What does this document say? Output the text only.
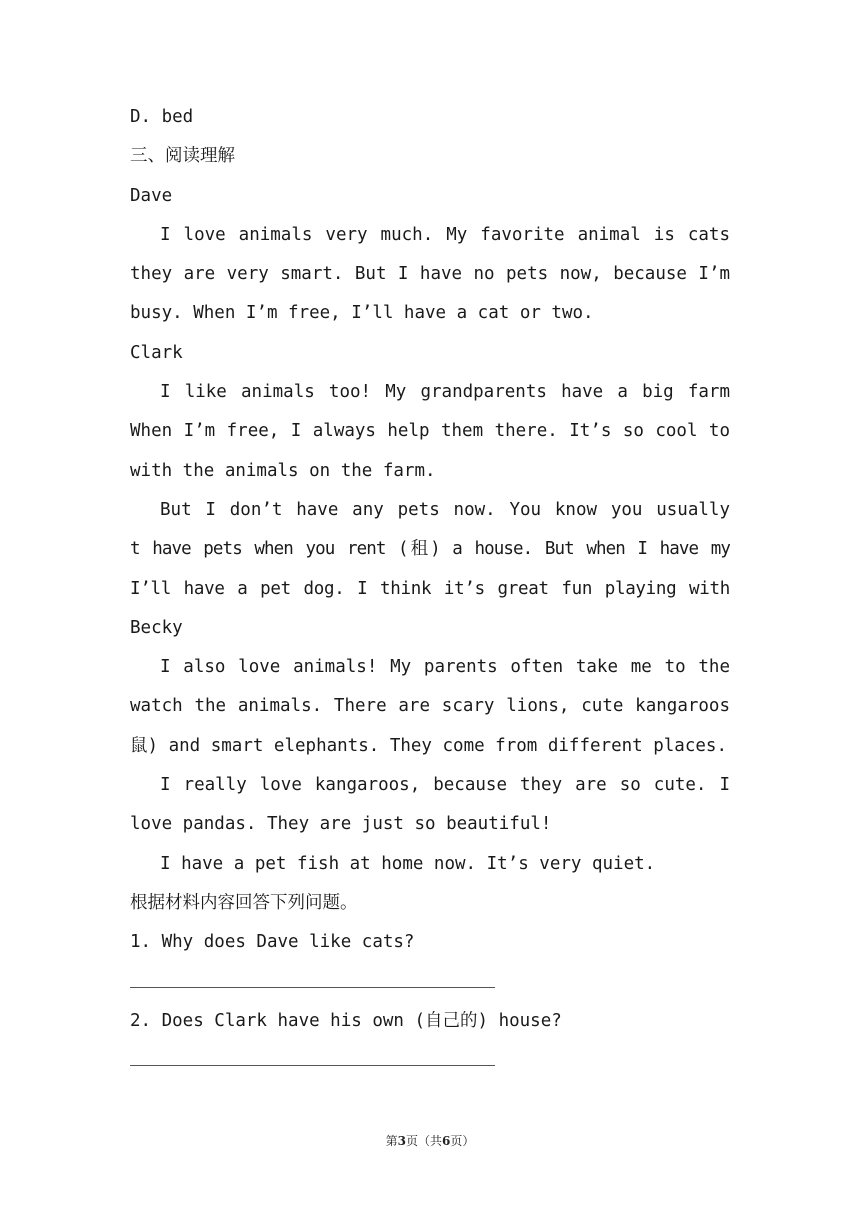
D. bed
三、阅读理解
Dave
I love animals very much. My favorite animal is cats
they are very smart. But I have no pets now, because I’m
busy. When I’m free, I’ll have a cat or two.
Clark
I like animals too! My grandparents have a big farm
When I’m free, I always help them there. It’s so cool to
with the animals on the farm.
But I don’t have any pets now. You know you usually
t have pets when you rent (租) a house. But when I have my
I’ll have a pet dog. I think it’s great fun playing with
Becky
I also love animals! My parents often take me to the
watch the animals. There are scary lions, cute kangaroos
鼠) and smart elephants. They come from different places.
I really love kangaroos, because they are so cute. I
love pandas. They are just so beautiful!
I have a pet fish at home now. It’s very quiet.
根据材料内容回答下列问题。
1. Why does Dave like cats?
2. Does Clark have his own (自己的) house?
第3页（共6页）
